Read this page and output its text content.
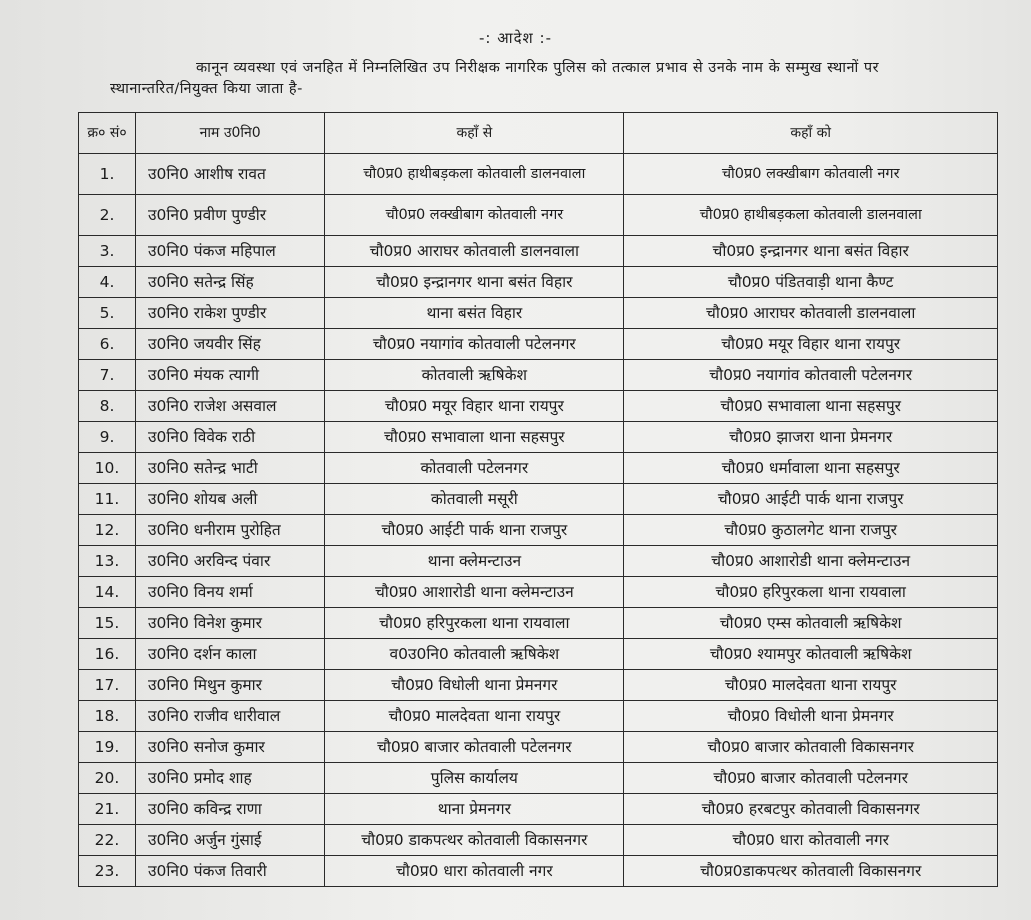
-: आदेश :-
कानून व्यवस्था एवं जनहित में निम्नलिखित उप निरीक्षक नागरिक पुलिस को तत्काल प्रभाव से उनके नाम के सम्मुख स्थानों पर स्थानान्तरित/नियुक्त किया जाता है-
क्र० सं०	नाम उ0नि0	कहाँ से	कहाँ को
1.	उ0नि0 आशीष रावत	चौ0प्र0 हाथीबड़कला कोतवाली डालनवाला	चौ0प्र0 लक्खीबाग कोतवाली नगर
2.	उ0नि0 प्रवीण पुण्डीर	चौ0प्र0 लक्खीबाग कोतवाली नगर	चौ0प्र0 हाथीबड़कला कोतवाली डालनवाला
3.	उ0नि0 पंकज महिपाल	चौ0प्र0 आराघर कोतवाली डालनवाला	चौ0प्र0 इन्द्रानगर थाना बसंत विहार
4.	उ0नि0 सतेन्द्र सिंह	चौ0प्र0 इन्द्रानगर थाना बसंत विहार	चौ0प्र0 पंडितवाड़ी थाना कैण्ट
5.	उ0नि0 राकेश पुण्डीर	थाना बसंत विहार	चौ0प्र0 आराघर कोतवाली डालनवाला
6.	उ0नि0 जयवीर सिंह	चौ0प्र0 नयागांव कोतवाली पटेलनगर	चौ0प्र0 मयूर विहार थाना रायपुर
7.	उ0नि0 मंयक त्यागी	कोतवाली ऋषिकेश	चौ0प्र0 नयागांव कोतवाली पटेलनगर
8.	उ0नि0 राजेश असवाल	चौ0प्र0 मयूर विहार थाना रायपुर	चौ0प्र0 सभावाला थाना सहसपुर
9.	उ0नि0 विवेक राठी	चौ0प्र0 सभावाला थाना सहसपुर	चौ0प्र0 झाजरा थाना प्रेमनगर
10.	उ0नि0 सतेन्द्र भाटी	कोतवाली पटेलनगर	चौ0प्र0 धर्मावाला थाना सहसपुर
11.	उ0नि0 शोयब अली	कोतवाली मसूरी	चौ0प्र0 आईटी पार्क थाना राजपुर
12.	उ0नि0 धनीराम पुरोहित	चौ0प्र0 आईटी पार्क थाना राजपुर	चौ0प्र0 कुठालगेट थाना राजपुर
13.	उ0नि0 अरविन्द पंवार	थाना क्लेमन्टाउन	चौ0प्र0 आशारोडी थाना क्लेमन्टाउन
14.	उ0नि0 विनय शर्मा	चौ0प्र0 आशारोडी थाना क्लेमन्टाउन	चौ0प्र0 हरिपुरकला थाना रायवाला
15.	उ0नि0 विनेश कुमार	चौ0प्र0 हरिपुरकला थाना रायवाला	चौ0प्र0 एम्स कोतवाली ऋषिकेश
16.	उ0नि0 दर्शन काला	व0उ0नि0 कोतवाली ऋषिकेश	चौ0प्र0 श्यामपुर कोतवाली ऋषिकेश
17.	उ0नि0 मिथुन कुमार	चौ0प्र0 विधोली थाना प्रेमनगर	चौ0प्र0 मालदेवता थाना रायपुर
18.	उ0नि0 राजीव धारीवाल	चौ0प्र0 मालदेवता थाना रायपुर	चौ0प्र0 विधोली थाना प्रेमनगर
19.	उ0नि0 सनोज कुमार	चौ0प्र0 बाजार कोतवाली पटेलनगर	चौ0प्र0 बाजार कोतवाली विकासनगर
20.	उ0नि0 प्रमोद शाह	पुलिस कार्यालय	चौ0प्र0 बाजार कोतवाली पटेलनगर
21.	उ0नि0 कविन्द्र राणा	थाना प्रेमनगर	चौ0प्र0 हरबटपुर कोतवाली विकासनगर
22.	उ0नि0 अर्जुन गुंसाई	चौ0प्र0 डाकपत्थर कोतवाली विकासनगर	चौ0प्र0 धारा कोतवाली नगर
23.	उ0नि0 पंकज तिवारी	चौ0प्र0 धारा कोतवाली नगर	चौ0प्र0डाकपत्थर कोतवाली विकासनगर
